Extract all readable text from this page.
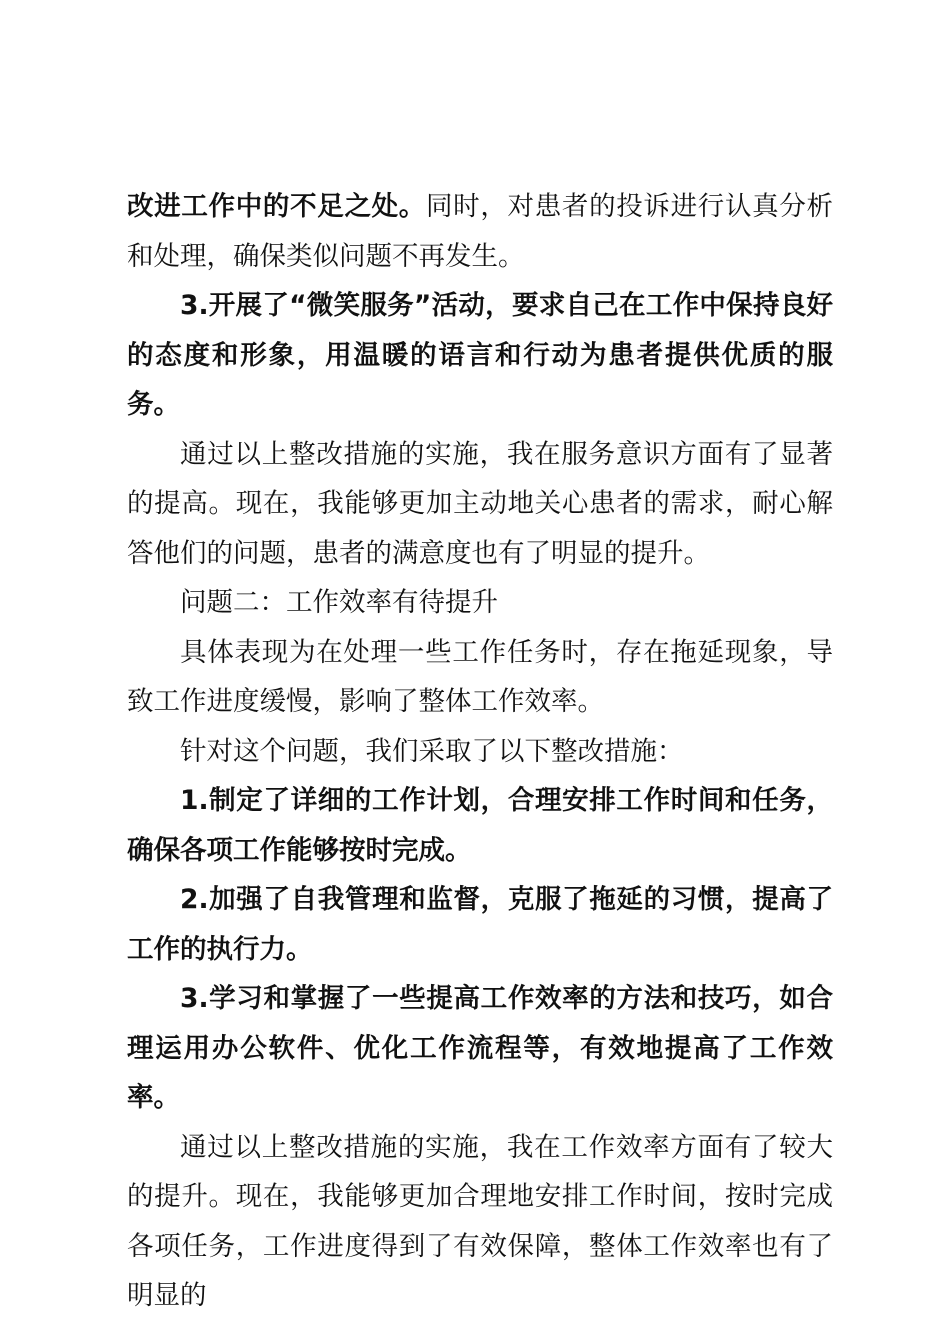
改进工作中的不足之处。同时，对患者的投诉进行认真分析和处理，确保类似问题不再发生。

3.开展了“微笑服务”活动，要求自己在工作中保持良好的态度和形象，用温暖的语言和行动为患者提供优质的服务。

通过以上整改措施的实施，我在服务意识方面有了显著的提高。现在，我能够更加主动地关心患者的需求，耐心解答他们的问题，患者的满意度也有了明显的提升。

问题二：工作效率有待提升

具体表现为在处理一些工作任务时，存在拖延现象，导致工作进度缓慢，影响了整体工作效率。

针对这个问题，我们采取了以下整改措施：

1.制定了详细的工作计划，合理安排工作时间和任务，确保各项工作能够按时完成。

2.加强了自我管理和监督，克服了拖延的习惯，提高了工作的执行力。

3.学习和掌握了一些提高工作效率的方法和技巧，如合理运用办公软件、优化工作流程等，有效地提高了工作效率。

通过以上整改措施的实施，我在工作效率方面有了较大的提升。现在，我能够更加合理地安排工作时间，按时完成各项任务，工作进度得到了有效保障，整体工作效率也有了明显的
